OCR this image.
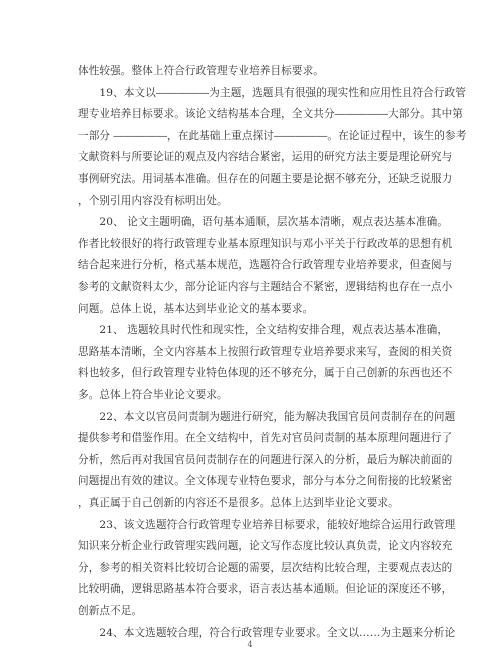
体性较强。整体上符合行政管理专业培养目标要求。
　　19、本文以―――――为主题，选题具有很强的现实性和应用性且符合行政管
理专业培养目标要求。该论文结构基本合理，全文共分―――――大部分。其中第
一部分 ―――――，在此基础上重点探讨―――――。在论证过程中，该生的参考
文献资料与所要论证的观点及内容结合紧密，运用的研究方法主要是理论研究与
事例研究法。用词基本准确。但存在的问题主要是论据不够充分，还缺乏说服力
，个别引用内容没有标明出处。
　　20、 论文主题明确，语句基本通顺，层次基本清晰，观点表达基本准确。
作者比较很好的将行政管理专业基本原理知识与邓小平关于行政改革的思想有机
结合起来进行分析，格式基本规范，选题符合行政管理专业培养要求，但查阅与
参考的文献资料太少，部分论证内容与主题结合不紧密，逻辑结构也存在一点小
问题。总体上说，基本达到毕业论文的基本要求。
　　21、 选题较具时代性和现实性，全文结构安排合理，观点表达基本准确，
思路基本清晰，全文内容基本上按照行政管理专业培养要求来写，查阅的相关资
料也较多，但行政管理专业特色体现的还不够充分，属于自己创新的东西也还不
多。总体上符合毕业论文要求。
　　22、本文以官员问责制为题进行研究，能为解决我国官员问责制存在的问题
提供参考和借鉴作用。在全文结构中，首先对官员问责制的基本原理问题进行了
分析，然后再对我国官员问责制存在的问题进行深入的分析，最后为解决前面的
问题提出有效的建议。全文体现专业特色要求，部分与本分之间衔接的比较紧密
，真正属于自己创新的内容还不是很多。总体上达到毕业论文要求。
　　23、该文选题符合行政管理专业培养目标要求，能较好地综合运用行政管理
知识来分析企业行政管理实践问题，论文写作态度比较认真负责，论文内容较充
分，参考的相关资料比较切合论题的需要，层次结构比较合理，主要观点表达的
比较明确，逻辑思路基本符合要求，语言表达基本通顺。但论证的深度还不够，
创新点不足。
　　24、本文选题较合理，符合行政管理专业要求。全文以……为主题来分析论
4
